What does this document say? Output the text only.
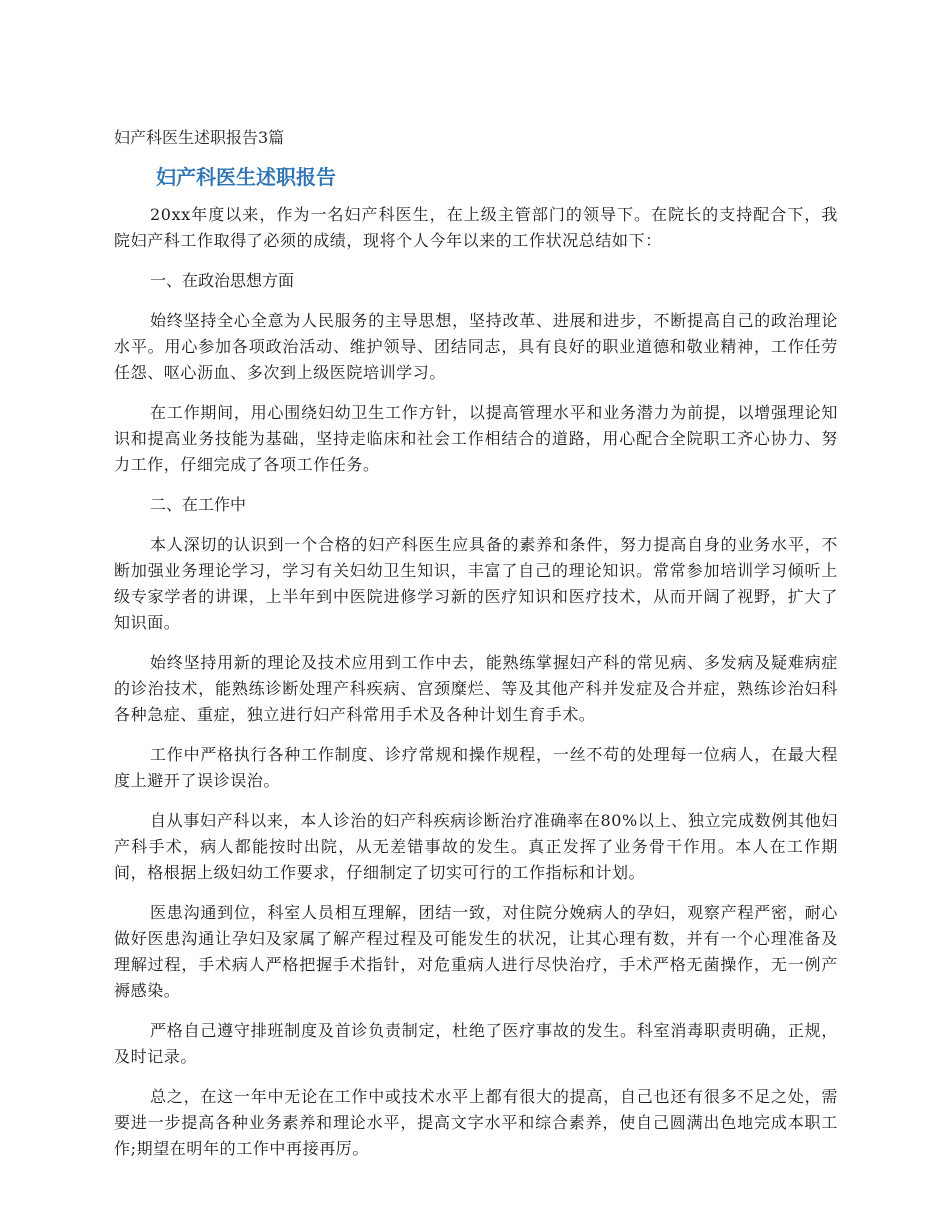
妇产科医生述职报告3篇
妇产科医生述职报告

20xx年度以来，作为一名妇产科医生，在上级主管部门的领导下。在院长的支持配合下，我院妇产科工作取得了必须的成绩，现将个人今年以来的工作状况总结如下：

一、在政治思想方面

始终坚持全心全意为人民服务的主导思想，坚持改革、进展和进步，不断提高自己的政治理论水平。用心参加各项政治活动、维护领导、团结同志，具有良好的职业道德和敬业精神，工作任劳任怨、呕心沥血、多次到上级医院培训学习。

在工作期间，用心围绕妇幼卫生工作方针，以提高管理水平和业务潜力为前提，以增强理论知识和提高业务技能为基础，坚持走临床和社会工作相结合的道路，用心配合全院职工齐心协力、努力工作，仔细完成了各项工作任务。

二、在工作中

本人深切的认识到一个合格的妇产科医生应具备的素养和条件，努力提高自身的业务水平，不断加强业务理论学习，学习有关妇幼卫生知识，丰富了自己的理论知识。常常参加培训学习倾听上级专家学者的讲课，上半年到中医院进修学习新的医疗知识和医疗技术，从而开阔了视野，扩大了知识面。

始终坚持用新的理论及技术应用到工作中去，能熟练掌握妇产科的常见病、多发病及疑难病症的诊治技术，能熟练诊断处理产科疾病、宫颈糜烂、等及其他产科并发症及合并症，熟练诊治妇科各种急症、重症，独立进行妇产科常用手术及各种计划生育手术。

工作中严格执行各种工作制度、诊疗常规和操作规程，一丝不苟的处理每一位病人，在最大程度上避开了误诊误治。

自从事妇产科以来，本人诊治的妇产科疾病诊断治疗准确率在80%以上、独立完成数例其他妇产科手术，病人都能按时出院，从无差错事故的发生。真正发挥了业务骨干作用。本人在工作期间，格根据上级妇幼工作要求，仔细制定了切实可行的工作指标和计划。

医患沟通到位，科室人员相互理解，团结一致，对住院分娩病人的孕妇，观察产程严密，耐心做好医患沟通让孕妇及家属了解产程过程及可能发生的状况，让其心理有数，并有一个心理准备及理解过程，手术病人严格把握手术指针，对危重病人进行尽快治疗，手术严格无菌操作，无一例产褥感染。

严格自己遵守排班制度及首诊负责制定，杜绝了医疗事故的发生。科室消毒职责明确，正规，及时记录。

总之，在这一年中无论在工作中或技术水平上都有很大的提高，自己也还有很多不足之处，需要进一步提高各种业务素养和理论水平，提高文字水平和综合素养，使自己圆满出色地完成本职工作;期望在明年的工作中再接再厉。
